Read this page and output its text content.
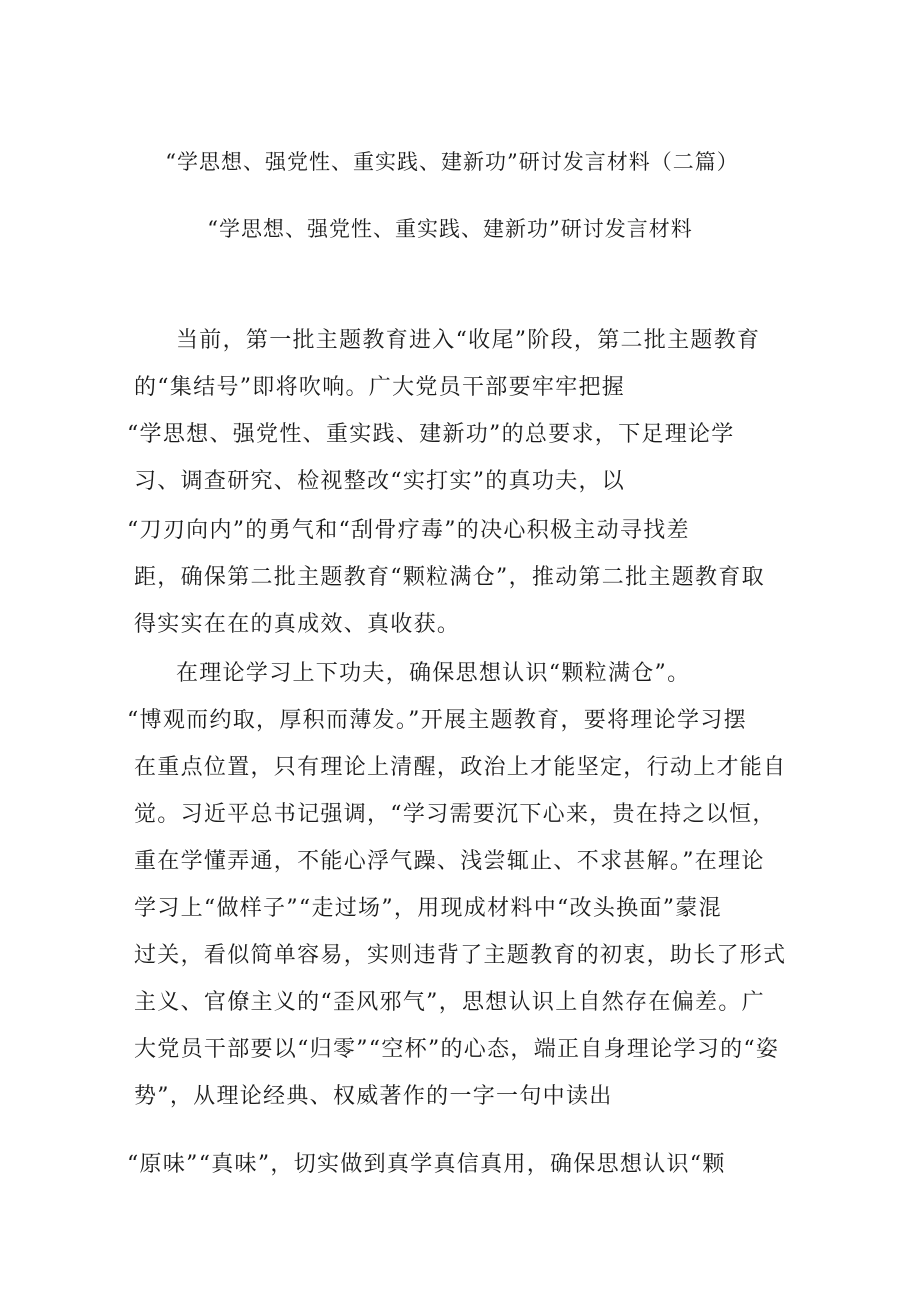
“学思想、强党性、重实践、建新功”研讨发言材料（二篇）
“学思想、强党性、重实践、建新功”研讨发言材料
当前，第一批主题教育进入“收尾”阶段，第二批主题教育
的“集结号”即将吹响。广大党员干部要牢牢把握
“学思想、强党性、重实践、建新功”的总要求，下足理论学
习、调查研究、检视整改“实打实”的真功夫，以
“刀刃向内”的勇气和“刮骨疗毒”的决心积极主动寻找差
距，确保第二批主题教育“颗粒满仓”，推动第二批主题教育取
得实实在在的真成效、真收获。
在理论学习上下功夫，确保思想认识“颗粒满仓”。
“博观而约取，厚积而薄发。”开展主题教育，要将理论学习摆
在重点位置，只有理论上清醒，政治上才能坚定，行动上才能自
觉。习近平总书记强调，“学习需要沉下心来，贵在持之以恒，
重在学懂弄通，不能心浮气躁、浅尝辄止、不求甚解。”在理论
学习上“做样子”“走过场”，用现成材料中“改头换面”蒙混
过关，看似简单容易，实则违背了主题教育的初衷，助长了形式
主义、官僚主义的“歪风邪气”，思想认识上自然存在偏差。广
大党员干部要以“归零”“空杯”的心态，端正自身理论学习的“姿
势”，从理论经典、权威著作的一字一句中读出
“原味”“真味”，切实做到真学真信真用，确保思想认识“颗
